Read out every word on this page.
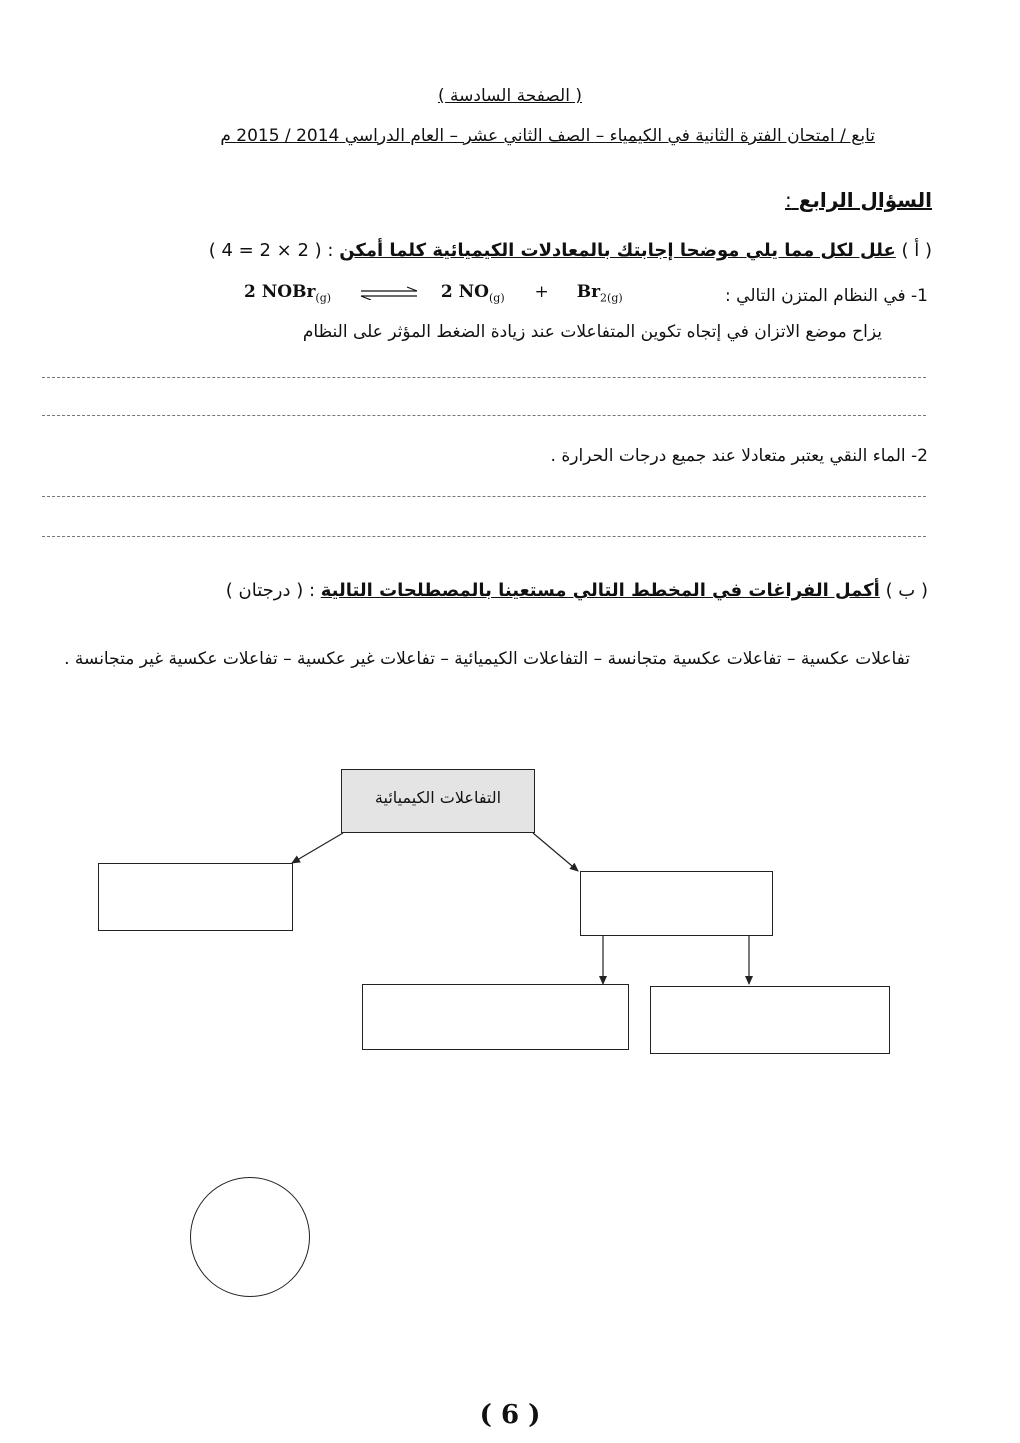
( الصفحة السادسة )
تابع / امتحان الفترة الثانية في الكيمياء – الصف الثاني عشر – العام الدراسي 2014 / 2015 م
السؤال الرابع :
( أ ) علل لكل مما يلي موضحا إجابتك بالمعادلات الكيميائية كلما أمكن : ( 2 × 2 = 4 )
1- في النظام المتزن التالي :
2 NOBr$_{(g)}$ ⇌ 2 $NO_{(g)} + Br_{2(g)}$
يزاح موضع الاتزان في إتجاه تكوين المتفاعلات عند زيادة الضغط المؤثر على النظام
2- الماء النقي يعتبر متعادلا عند جميع درجات الحرارة .
( ب ) أكمل الفراغات في المخطط التالي مستعينا بالمصطلحات التالية : ( درجتان )
تفاعلات عكسية – تفاعلات عكسية متجانسة – التفاعلات الكيميائية – تفاعلات غير عكسية – تفاعلات عكسية غير متجانسة .
التفاعلات الكيميائية
( 6 )
